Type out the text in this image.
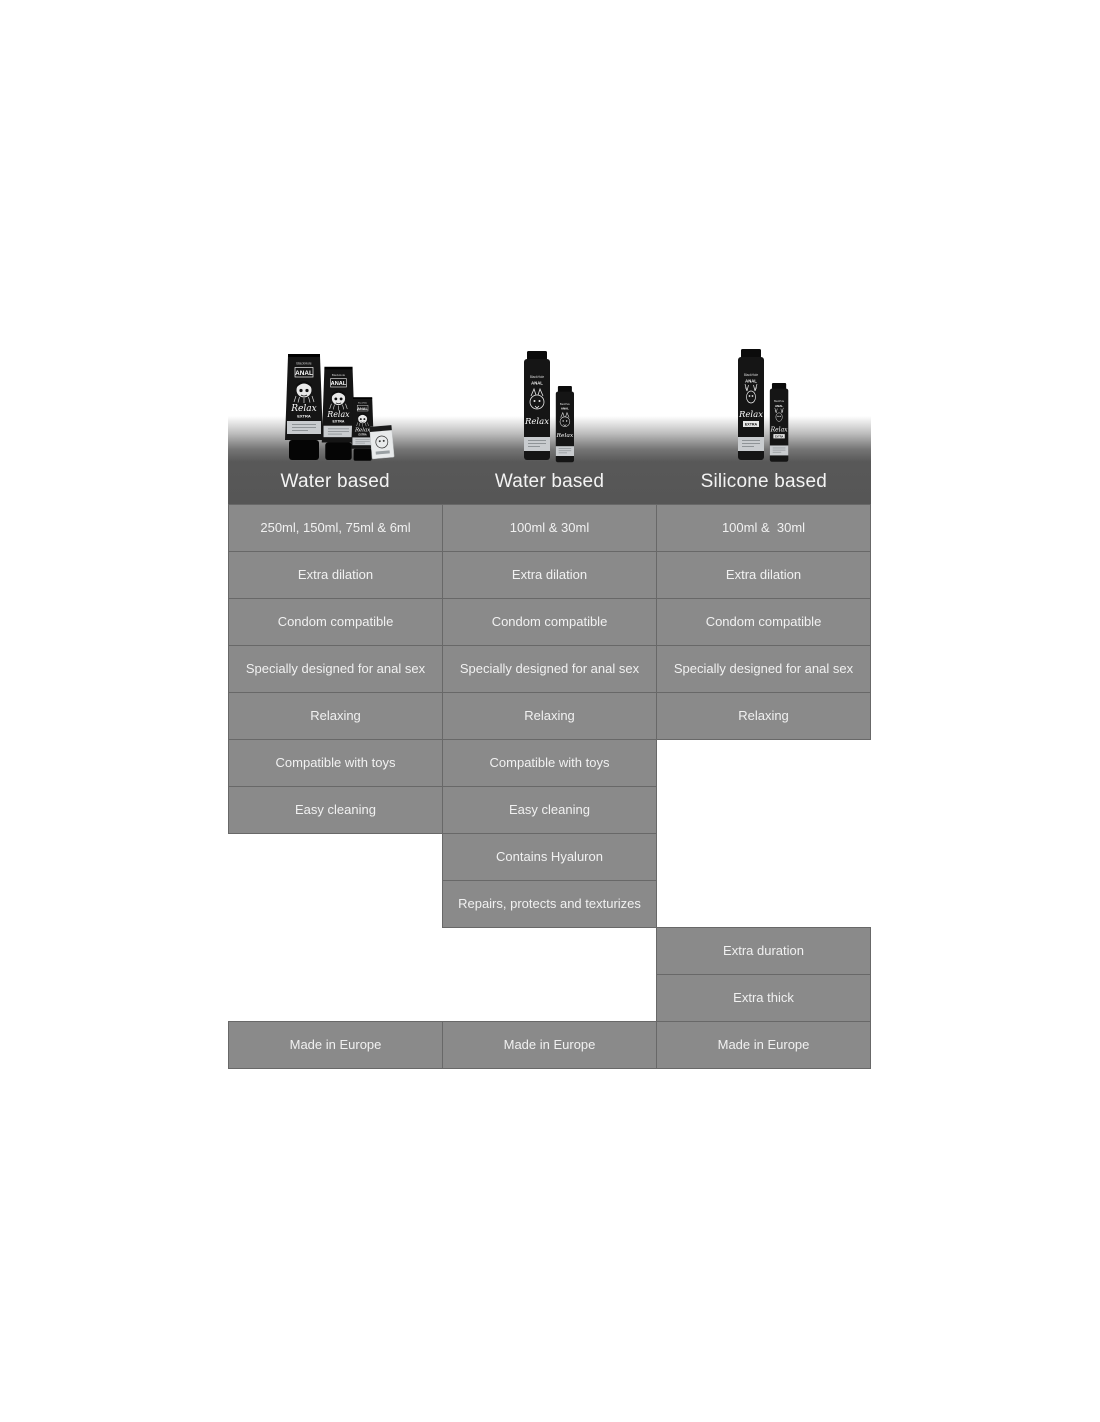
Water based	Water based	Silicone based
250ml, 150ml, 75ml & 6ml
Extra dilation
Condom compatible
Specially designed for anal sex
Relaxing
Compatible with toys
Easy cleaning
Made in Europe
100ml & 30ml
Extra dilation
Condom compatible
Specially designed for anal sex
Relaxing
Compatible with toys
Easy cleaning
Contains Hyaluron
Repairs, protects and texturizes
Made in Europe
100ml &  30ml
Extra dilation
Condom compatible
Specially designed for anal sex
Relaxing
Extra duration
Extra thick
Made in Europe
